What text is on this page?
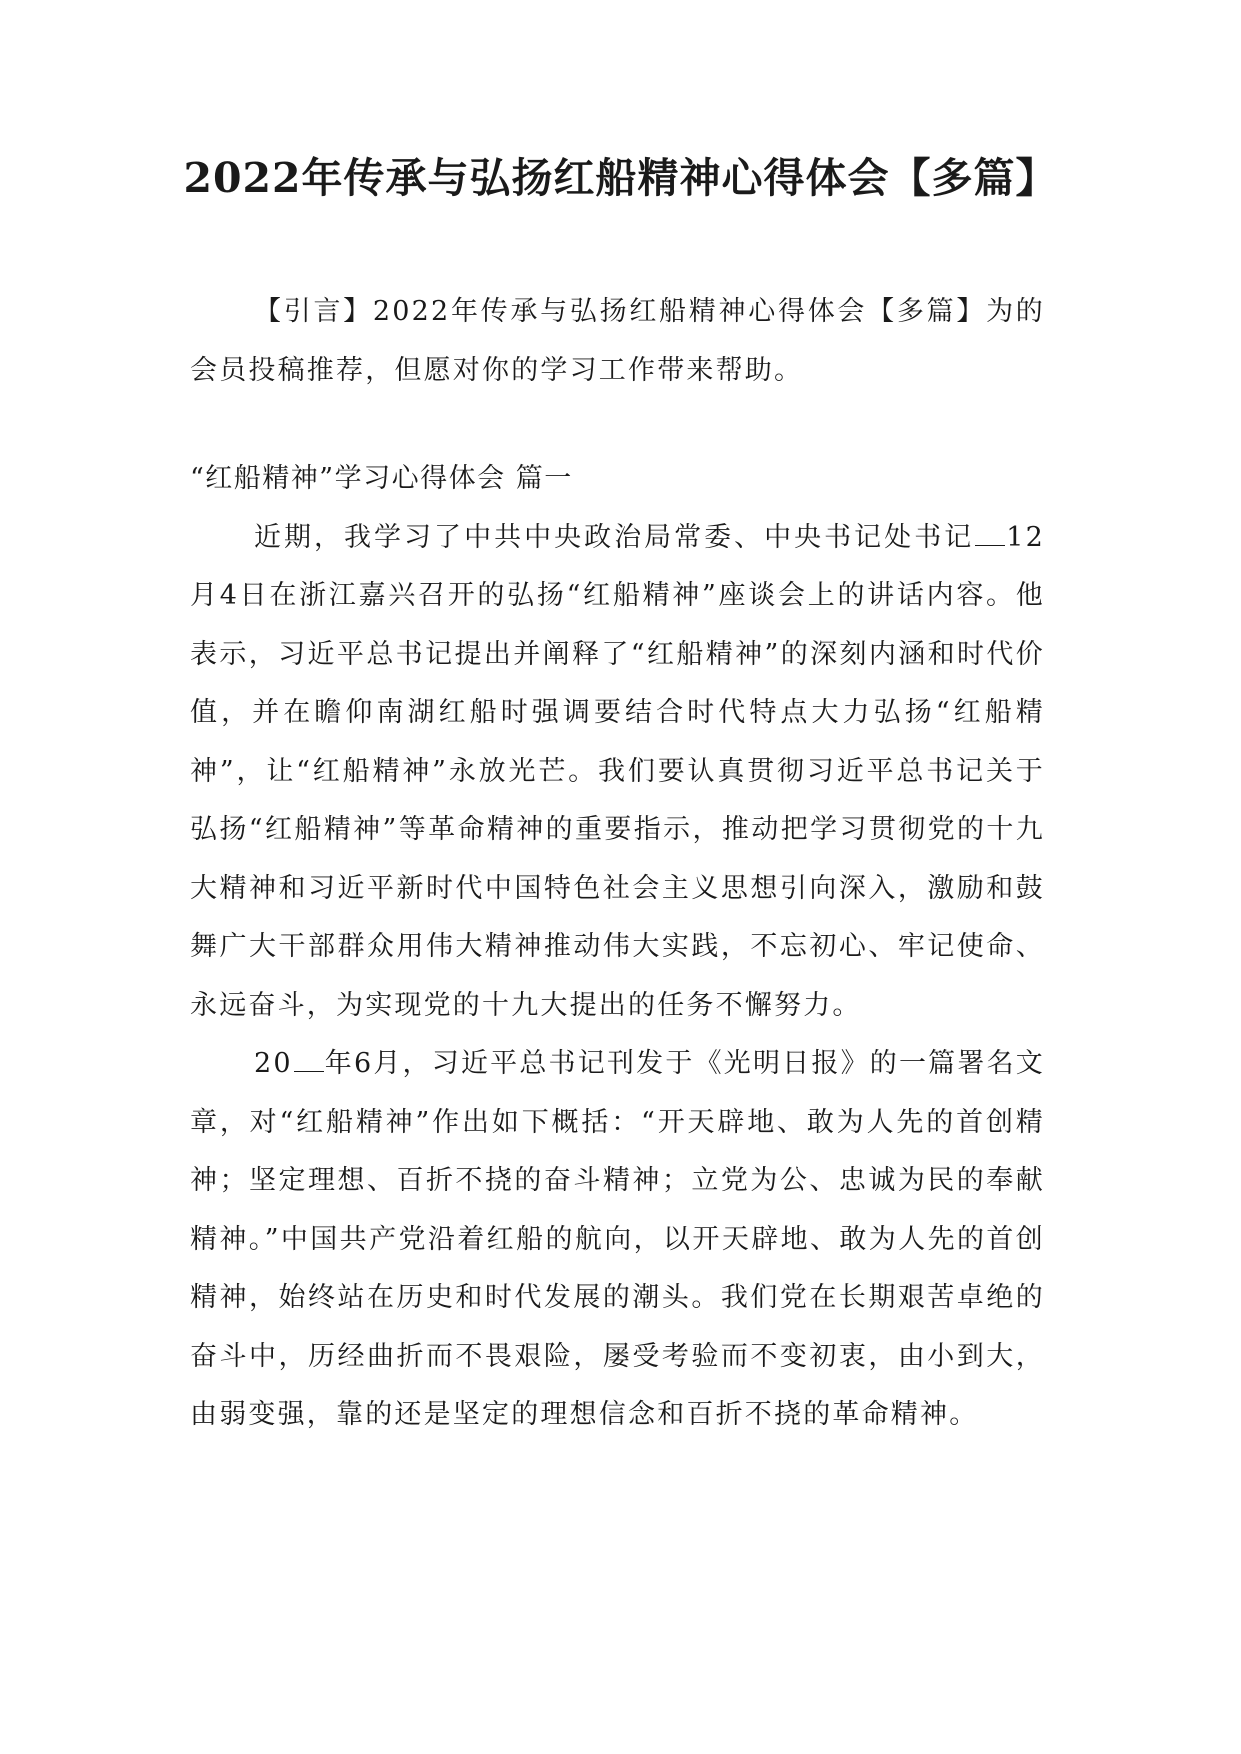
2022年传承与弘扬红船精神心得体会【多篇】

【引言】2022年传承与弘扬红船精神心得体会【多篇】为的会员投稿推荐，但愿对你的学习工作带来帮助。

“红船精神”学习心得体会 篇一

近期，我学习了中共中央政治局常委、中央书记处书记 12月4日在浙江嘉兴召开的弘扬“红船精神”座谈会上的讲话内容。他表示，习近平总书记提出并阐释了“红船精神”的深刻内涵和时代价值，并在瞻仰南湖红船时强调要结合时代特点大力弘扬“红船精神”，让“红船精神”永放光芒。我们要认真贯彻习近平总书记关于弘扬“红船精神”等革命精神的重要指示，推动把学习贯彻党的十九大精神和习近平新时代中国特色社会主义思想引向深入，激励和鼓舞广大干部群众用伟大精神推动伟大实践，不忘初心、牢记使命、永远奋斗，为实现党的十九大提出的任务不懈努力。

20 年6月，习近平总书记刊发于《光明日报》的一篇署名文章，对“红船精神”作出如下概括：“开天辟地、敢为人先的首创精神；坚定理想、百折不挠的奋斗精神；立党为公、忠诚为民的奉献精神。”中国共产党沿着红船的航向，以开天辟地、敢为人先的首创精神，始终站在历史和时代发展的潮头。我们党在长期艰苦卓绝的奋斗中，历经曲折而不畏艰险，屡受考验而不变初衷，由小到大，由弱变强，靠的还是坚定的理想信念和百折不挠的革命精神。
